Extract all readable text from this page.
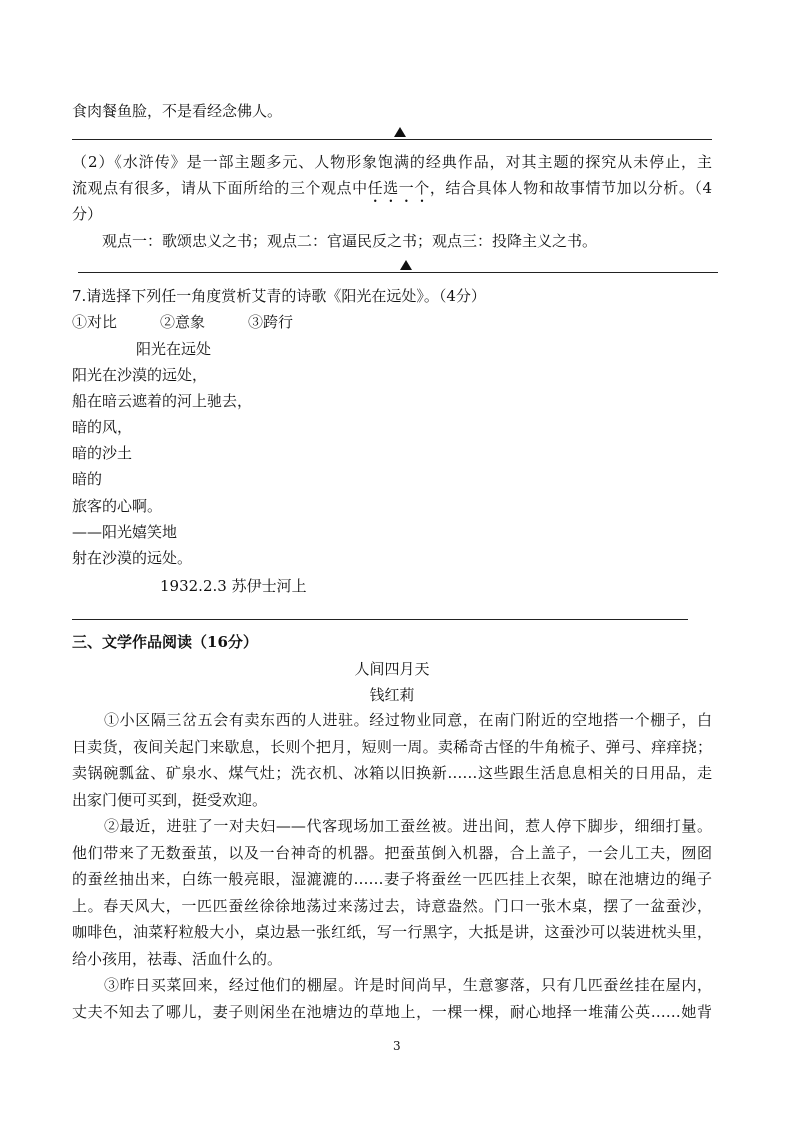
食肉餐鱼脸，不是看经念佛人。
（2）《水浒传》是一部主题多元、人物形象饱满的经典作品，对其主题的探究从未停止，主
流观点有很多，请从下面所给的三个观点中任选一个，结合具体人物和故事情节加以分析。（4
分）
观点一：歌颂忠义之书；观点二：官逼民反之书；观点三：投降主义之书。
7.请选择下列任一角度赏析艾青的诗歌《阳光在远处》。（4分）
①对比	②意象	③跨行
阳光在远处
阳光在沙漠的远处，
船在暗云遮着的河上驰去，
暗的风，
暗的沙土
暗的
旅客的心啊。
——阳光嬉笑地
射在沙漠的远处。
1932.2.3 苏伊士河上
三、文学作品阅读（16分）
人间四月天
钱红莉
①小区隔三岔五会有卖东西的人进驻。经过物业同意，在南门附近的空地搭一个棚子，白
日卖货，夜间关起门来歇息，长则个把月，短则一周。卖稀奇古怪的牛角梳子、弹弓、痒痒挠；
卖锅碗瓢盆、矿泉水、煤气灶；洗衣机、冰箱以旧换新……这些跟生活息息相关的日用品，走
出家门便可买到，挺受欢迎。
②最近，进驻了一对夫妇——代客现场加工蚕丝被。进出间，惹人停下脚步，细细打量。
他们带来了无数蚕茧，以及一台神奇的机器。把蚕茧倒入机器，合上盖子，一会儿工夫，囫囵
的蚕丝抽出来，白练一般亮眼，湿漉漉的……妻子将蚕丝一匹匹挂上衣架，晾在池塘边的绳子
上。春天风大，一匹匹蚕丝徐徐地荡过来荡过去，诗意盎然。门口一张木桌，摆了一盆蚕沙，
咖啡色，油菜籽粒般大小，桌边悬一张红纸，写一行黑字，大抵是讲，这蚕沙可以装进枕头里，
给小孩用，祛毒、活血什么的。
③昨日买菜回来，经过他们的棚屋。许是时间尚早，生意寥落，只有几匹蚕丝挂在屋内，
丈夫不知去了哪儿，妻子则闲坐在池塘边的草地上，一棵一棵，耐心地择一堆蒲公英……她背
3
